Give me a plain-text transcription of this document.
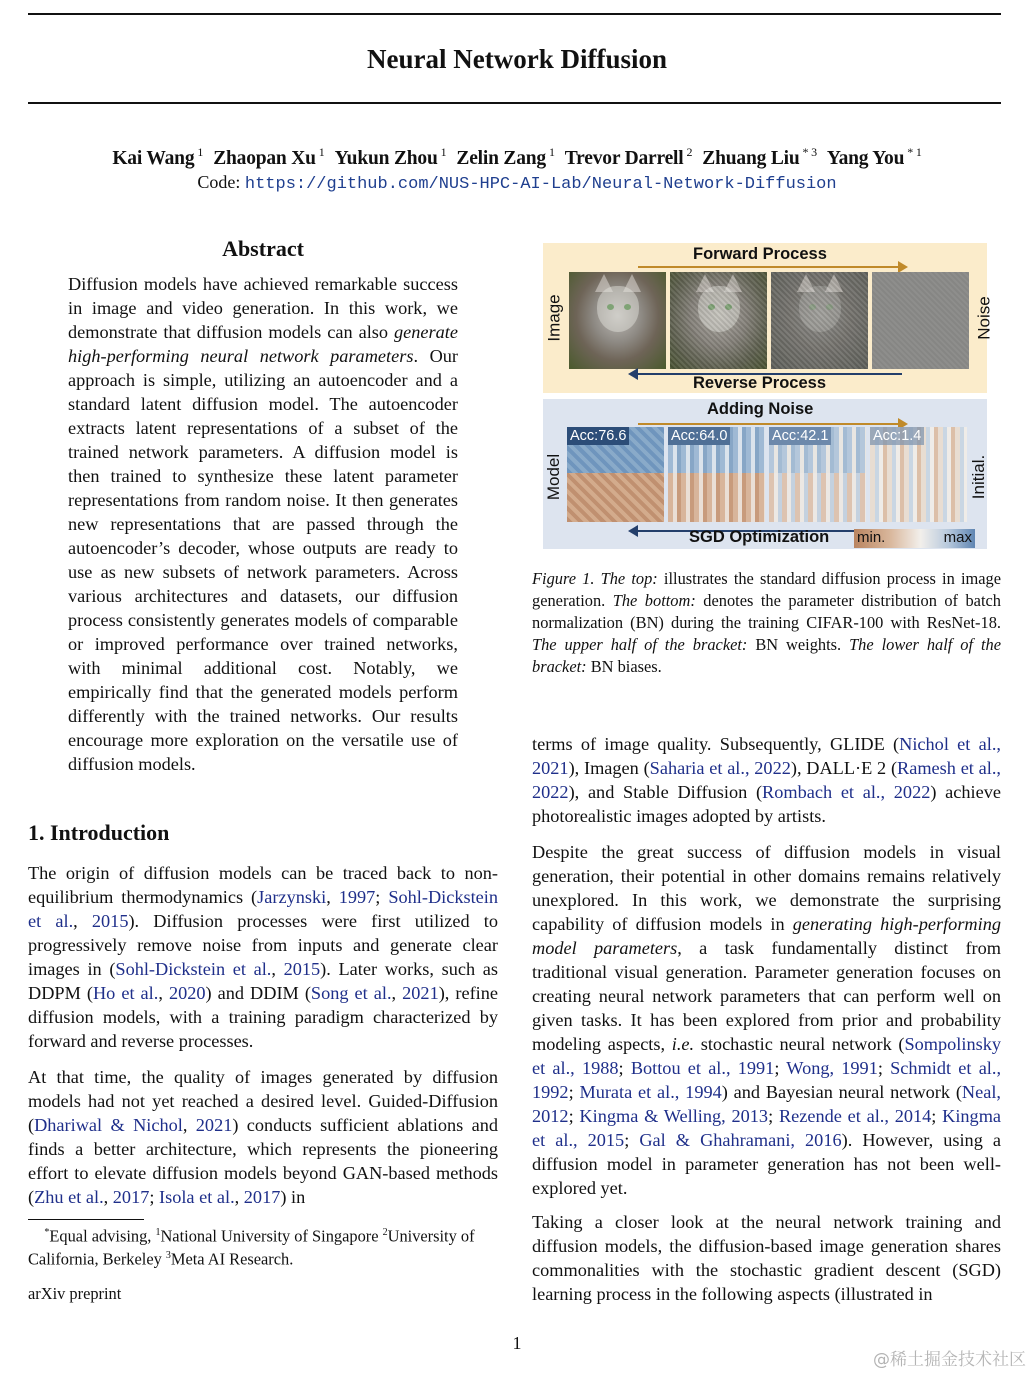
Neural Network Diffusion
Kai Wang $^1$ Zhaopan Xu $^1$ Yukun Zhou $^1$ Zelin Zang $^1$ Trevor Darrell $^2$ Zhuang Liu $^{* 3}$ Yang You $^{* 1}$
Code: https://github.com/NUS-HPC-AI-Lab/Neural-Network-Diffusion
Abstract

Diffusion models have achieved remarkable success in image and video generation. In this work, we demonstrate that diffusion models can also generate high-performing neural network parameters. Our approach is simple, utilizing an autoencoder and a standard latent diffusion model. The autoencoder extracts latent representations of a subset of the trained network parameters. A diffusion model is then trained to synthesize these latent parameter representations from random noise. It then generates new representations that are passed through the autoencoder’s decoder, whose outputs are ready to use as new subsets of network parameters. Across various architectures and datasets, our diffusion process consistently generates models of comparable or improved performance over trained networks, with minimal additional cost. Notably, we empirically find that the generated models perform differently with the trained networks. Our results encourage more exploration on the versatile use of diffusion models.

1. Introduction
The origin of diffusion models can be traced back to non-equilibrium thermodynamics (Jarzynski, 1997; Sohl-Dickstein et al., 2015). Diffusion processes were first utilized to progressively remove noise from inputs and generate clear images in (Sohl-Dickstein et al., 2015). Later works, such as DDPM (Ho et al., 2020) and DDIM (Song et al., 2021), refine diffusion models, with a training paradigm characterized by forward and reverse processes.
At that time, the quality of images generated by diffusion models had not yet reached a desired level. Guided-Diffusion (Dhariwal & Nichol, 2021) conducts sufficient ablations and finds a better architecture, which represents the pioneering effort to elevate diffusion models beyond GAN-based methods (Zhu et al., 2017; Isola et al., 2017) in
terms of image quality. Subsequently, GLIDE (Nichol et al., 2021), Imagen (Saharia et al., 2022), DALL·E 2 (Ramesh et al., 2022), and Stable Diffusion (Rombach et al., 2022) achieve photorealistic images adopted by artists.
Despite the great success of diffusion models in visual generation, their potential in other domains remains relatively unexplored. In this work, we demonstrate the surprising capability of diffusion models in generating high-performing model parameters, a task fundamentally distinct from traditional visual generation. Parameter generation focuses on creating neural network parameters that can perform well on given tasks. It has been explored from prior and probability modeling aspects, i.e. stochastic neural network (Sompolinsky et al., 1988; Bottou et al., 1991; Wong, 1991; Schmidt et al., 1992; Murata et al., 1994) and Bayesian neural network (Neal, 2012; Kingma & Welling, 2013; Rezende et al., 2014; Kingma et al., 2015; Gal & Ghahramani, 2016). However, using a diffusion model in parameter generation has not been well-explored yet.
Taking a closer look at the neural network training and diffusion models, the diffusion-based image generation shares commonalities with the stochastic gradient descent (SGD) learning process in the following aspects (illustrated in
Forward Process
Image	Noise
Reverse Process
Adding Noise
Model	Initial.
Acc:76.6	Acc:64.0	Acc:42.1	Acc:1.4
SGD Optimization min.	max
Figure 1. The top: illustrates the standard diffusion process in image generation. The bottom: denotes the parameter distribution of batch normalization (BN) during the training CIFAR-100 with ResNet-18. The upper half of the bracket: BN weights. The lower half of the bracket: BN biases.
 *Equal advising, $^1$National University of Singapore $^2$University of California, Berkeley $^3$Meta AI Research.
arXiv preprint
1
@稀土掘金技术社区
